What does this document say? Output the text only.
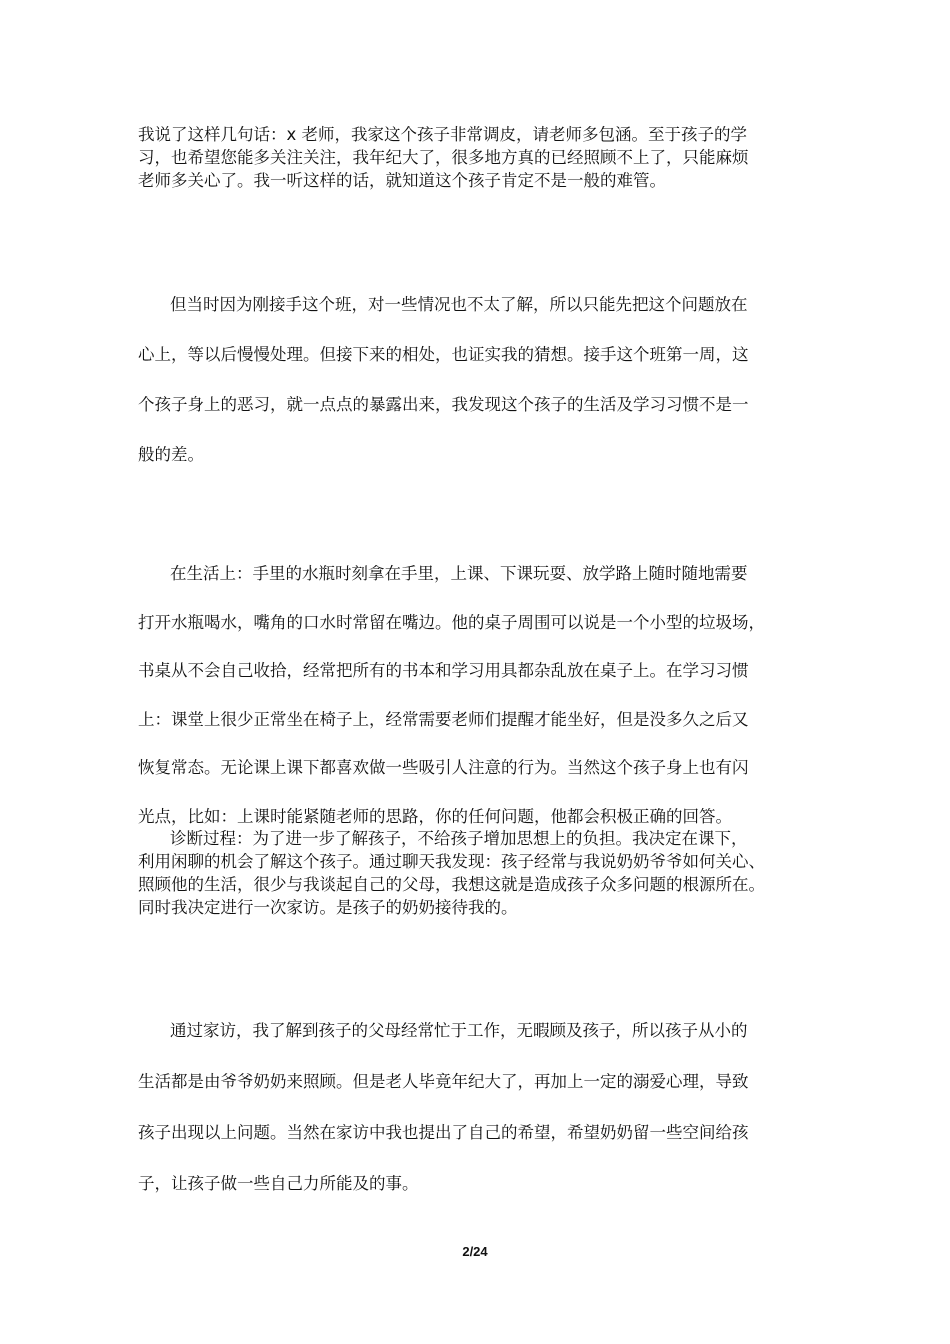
我说了这样几句话：x 老师，我家这个孩子非常调皮，请老师多包涵。至于孩子的学
习，也希望您能多关注关注，我年纪大了，很多地方真的已经照顾不上了，只能麻烦
老师多关心了。我一听这样的话，就知道这个孩子肯定不是一般的难管。
但当时因为刚接手这个班，对一些情况也不太了解，所以只能先把这个问题放在
心上，等以后慢慢处理。但接下来的相处，也证实我的猜想。接手这个班第一周，这
个孩子身上的恶习，就一点点的暴露出来，我发现这个孩子的生活及学习习惯不是一
般的差。
在生活上：手里的水瓶时刻拿在手里，上课、下课玩耍、放学路上随时随地需要
打开水瓶喝水，嘴角的口水时常留在嘴边。他的桌子周围可以说是一个小型的垃圾场，
书桌从不会自己收拾，经常把所有的书本和学习用具都杂乱放在桌子上。在学习习惯
上：课堂上很少正常坐在椅子上，经常需要老师们提醒才能坐好，但是没多久之后又
恢复常态。无论课上课下都喜欢做一些吸引人注意的行为。当然这个孩子身上也有闪
光点，比如：上课时能紧随老师的思路，你的任何问题，他都会积极正确的回答。
诊断过程：为了进一步了解孩子，不给孩子增加思想上的负担。我决定在课下，
利用闲聊的机会了解这个孩子。通过聊天我发现：孩子经常与我说奶奶爷爷如何关心、
照顾他的生活，很少与我谈起自己的父母，我想这就是造成孩子众多问题的根源所在。
同时我决定进行一次家访。是孩子的奶奶接待我的。
通过家访，我了解到孩子的父母经常忙于工作，无暇顾及孩子，所以孩子从小的
生活都是由爷爷奶奶来照顾。但是老人毕竟年纪大了，再加上一定的溺爱心理，导致
孩子出现以上问题。当然在家访中我也提出了自己的希望，希望奶奶留一些空间给孩
子，让孩子做一些自己力所能及的事。
2/24
